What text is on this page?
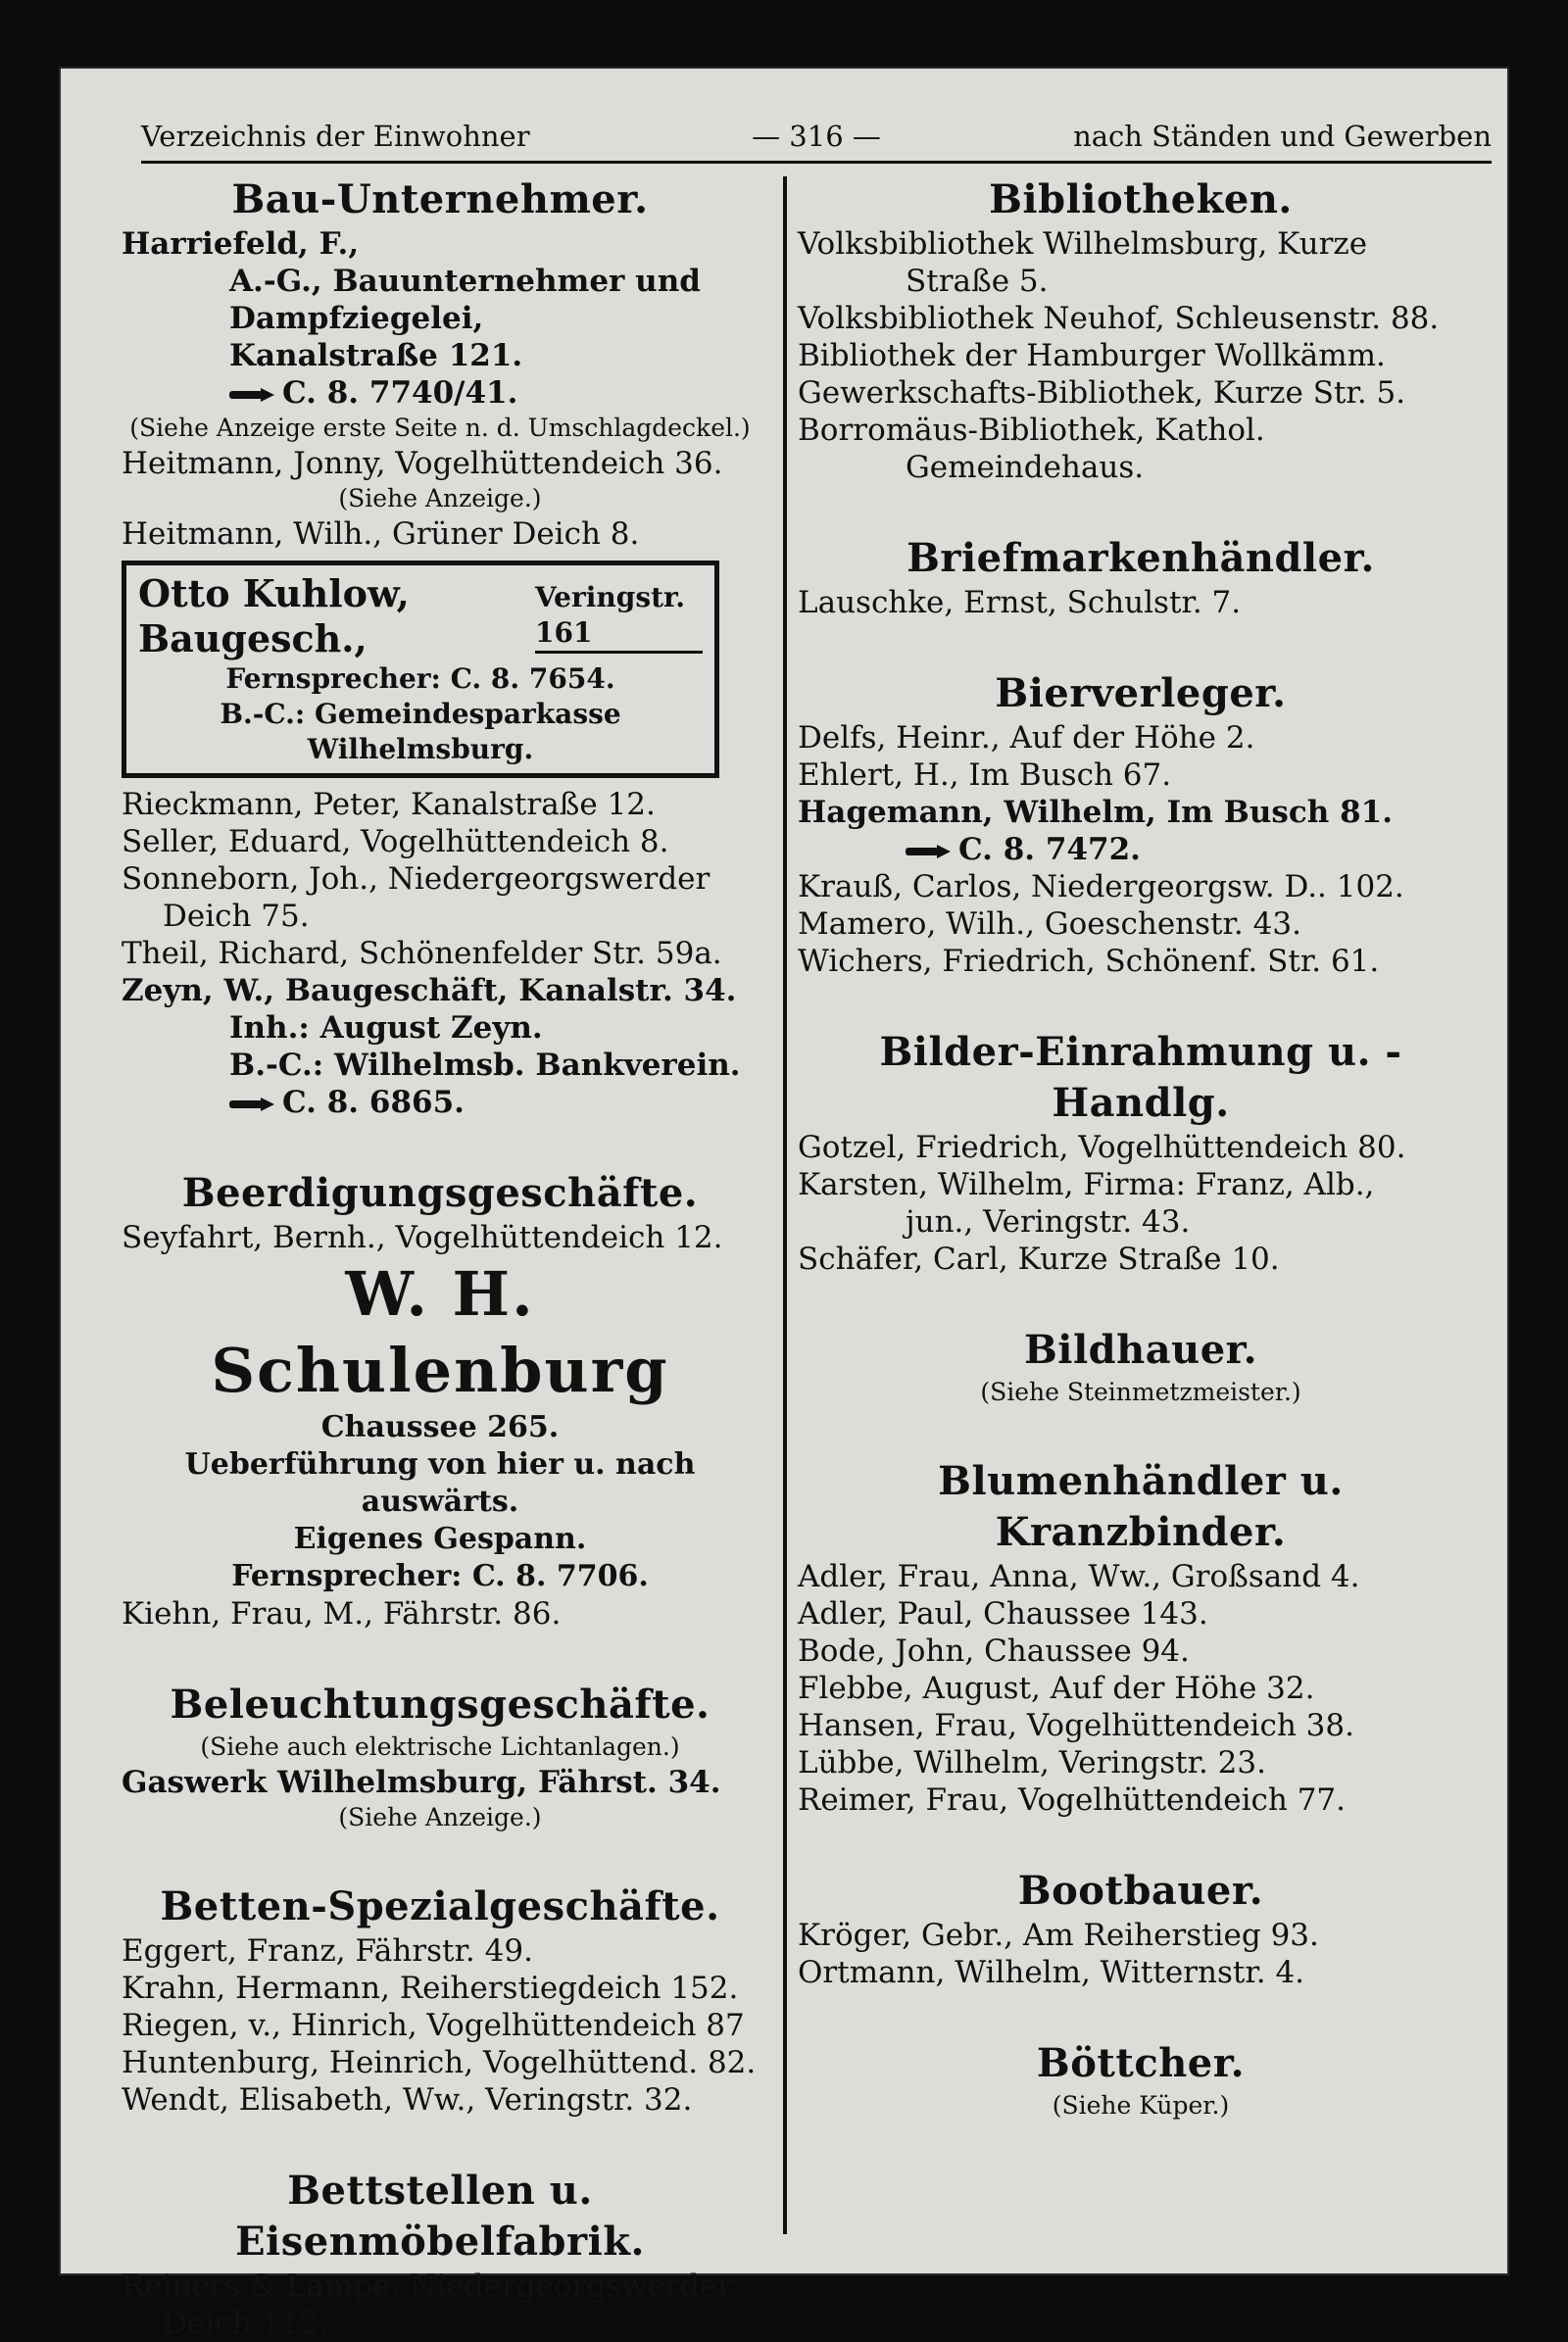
Verzeichnis der Einwohner	— 316 —	nach Ständen und Gewerben
Bau-Unternehmer.
Harriefeld, F.,
A.-G., Bauunternehmer und
Dampfziegelei,
Kanalstraße 121.
C. 8. 7740/41.
(Siehe Anzeige erste Seite n. d. Umschlagdeckel.)
Heitmann, Jonny, Vogelhüttendeich 36.
(Siehe Anzeige.)
Heitmann, Wilh., Grüner Deich 8.
Otto Kuhlow, Baugesch.,
Veringstr. 161
Fernsprecher: C. 8. 7654.
B.-C.: Gemeindesparkasse Wilhelmsburg.
Rieckmann, Peter, Kanalstraße 12.
Seller, Eduard, Vogelhüttendeich 8.
Sonneborn, Joh., Niedergeorgswerder
Deich 75.
Theil, Richard, Schönenfelder Str. 59a.
Zeyn, W., Baugeschäft, Kanalstr. 34.
Inh.: August Zeyn.
B.-C.: Wilhelmsb. Bankverein.
C. 8. 6865.
Beerdigungsgeschäfte.
Seyfahrt, Bernh., Vogelhüttendeich 12.
W. H. Schulenburg
Chaussee 265.
Ueberführung von hier u. nach auswärts.
Eigenes Gespann.
Fernsprecher: C. 8. 7706.
Kiehn, Frau, M., Fährstr. 86.
Beleuchtungsgeschäfte.
(Siehe auch elektrische Lichtanlagen.)
Gaswerk Wilhelmsburg, Fährst. 34.
(Siehe Anzeige.)
Betten-Spezialgeschäfte.
Eggert, Franz, Fährstr. 49.
Krahn, Hermann, Reiherstiegdeich 152.
Riegen, v., Hinrich, Vogelhüttendeich 87
Huntenburg, Heinrich, Vogelhüttend. 82.
Wendt, Elisabeth, Ww., Veringstr. 32.
Bettstellen u. Eisenmöbelfabrik.
Reiners & Lampe, Niedergeorgswerder
Deich 112.
Bibliotheken.
Volksbibliothek Wilhelmsburg, Kurze
Straße 5.
Volksbibliothek Neuhof, Schleusenstr. 88.
Bibliothek der Hamburger Wollkämm.
Gewerkschafts-Bibliothek, Kurze Str. 5.
Borromäus-Bibliothek, Kathol.
Gemeindehaus.
Briefmarkenhändler.
Lauschke, Ernst, Schulstr. 7.
Bierverleger.
Delfs, Heinr., Auf der Höhe 2.
Ehlert, H., Im Busch 67.
Hagemann, Wilhelm, Im Busch 81.
C. 8. 7472.
Krauß, Carlos, Niedergeorgsw. D.. 102.
Mamero, Wilh., Goeschenstr. 43.
Wichers, Friedrich, Schönenf. Str. 61.
Bilder-Einrahmung u. -Handlg.
Gotzel, Friedrich, Vogelhüttendeich 80.
Karsten, Wilhelm, Firma: Franz, Alb.,
jun., Veringstr. 43.
Schäfer, Carl, Kurze Straße 10.
Bildhauer.
(Siehe Steinmetzmeister.)
Blumenhändler u. Kranzbinder.
Adler, Frau, Anna, Ww., Großsand 4.
Adler, Paul, Chaussee 143.
Bode, John, Chaussee 94.
Flebbe, August, Auf der Höhe 32.
Hansen, Frau, Vogelhüttendeich 38.
Lübbe, Wilhelm, Veringstr. 23.
Reimer, Frau, Vogelhüttendeich 77.
Bootbauer.
Kröger, Gebr., Am Reiherstieg 93.
Ortmann, Wilhelm, Witternstr. 4.
Böttcher.
(Siehe Küper.)
